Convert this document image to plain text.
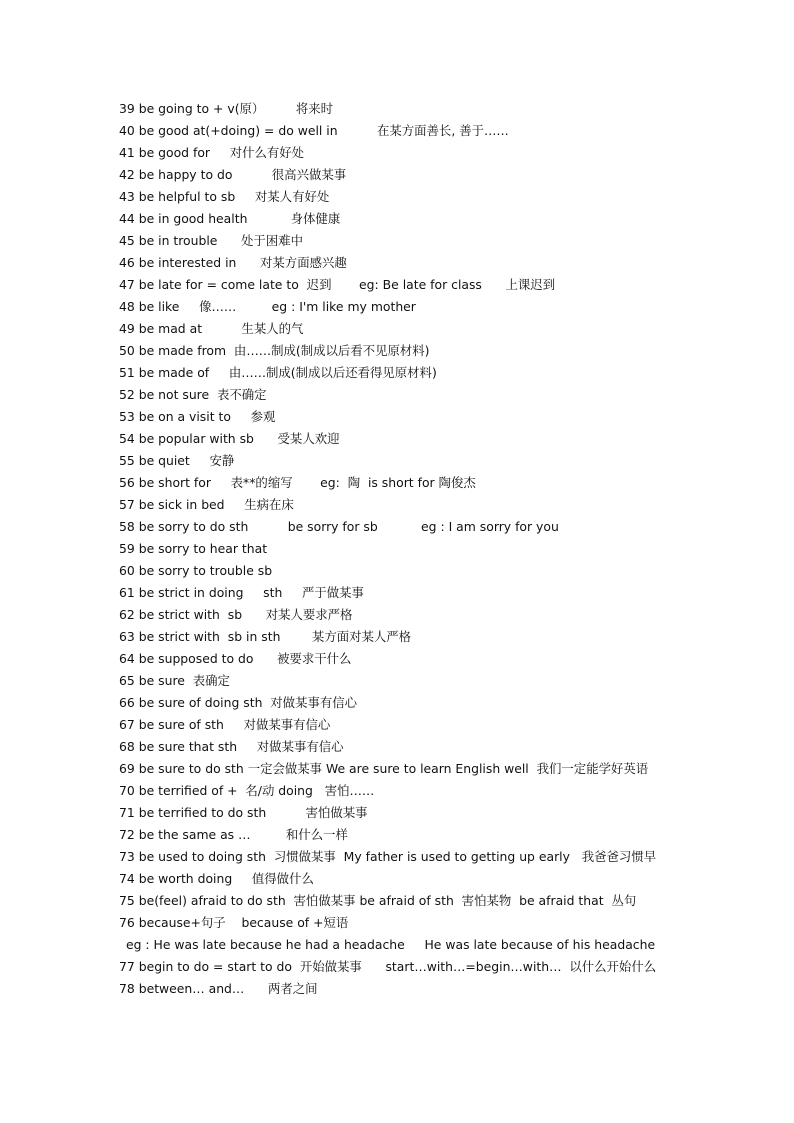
39 be going to + v(原）        将来时
40 be good at(+doing) = do well in          在某方面善长, 善于……
41 be good for     对什么有好处
42 be happy to do          很高兴做某事
43 be helpful to sb     对某人有好处
44 be in good health           身体健康
45 be in trouble      处于困难中
46 be interested in      对某方面感兴趣
47 be late for = come late to  迟到       eg: Be late for class      上课迟到
48 be like     像……         eg : I'm like my mother
49 be mad at          生某人的气
50 be made from  由……制成(制成以后看不见原材料)
51 be made of     由……制成(制成以后还看得见原材料)
52 be not sure  表不确定
53 be on a visit to     参观
54 be popular with sb      受某人欢迎
55 be quiet     安静
56 be short for     表**的缩写       eg:  陶  is short for 陶俊杰
57 be sick in bed     生病在床
58 be sorry to do sth          be sorry for sb           eg : I am sorry for you
59 be sorry to hear that
60 be sorry to trouble sb
61 be strict in doing     sth     严于做某事
62 be strict with  sb      对某人要求严格
63 be strict with  sb in sth        某方面对某人严格
64 be supposed to do      被要求干什么
65 be sure  表确定
66 be sure of doing sth  对做某事有信心
67 be sure of sth     对做某事有信心
68 be sure that sth     对做某事有信心
69 be sure to do sth 一定会做某事 We are sure to learn English well  我们一定能学好英语
70 be terrified of +  名/动 doing   害怕……
71 be terrified to do sth          害怕做某事
72 be the same as …         和什么一样
73 be used to doing sth  习惯做某事  My father is used to getting up early   我爸爸习惯早
74 be worth doing     值得做什么
75 be(feel) afraid to do sth  害怕做某事 be afraid of sth  害怕某物  be afraid that  丛句
76 because+句子    because of +短语
eg : He was late because he had a headache     He was late because of his headache
77 begin to do = start to do  开始做某事      start…with…=begin…with…  以什么开始什么
78 between… and…      两者之间
